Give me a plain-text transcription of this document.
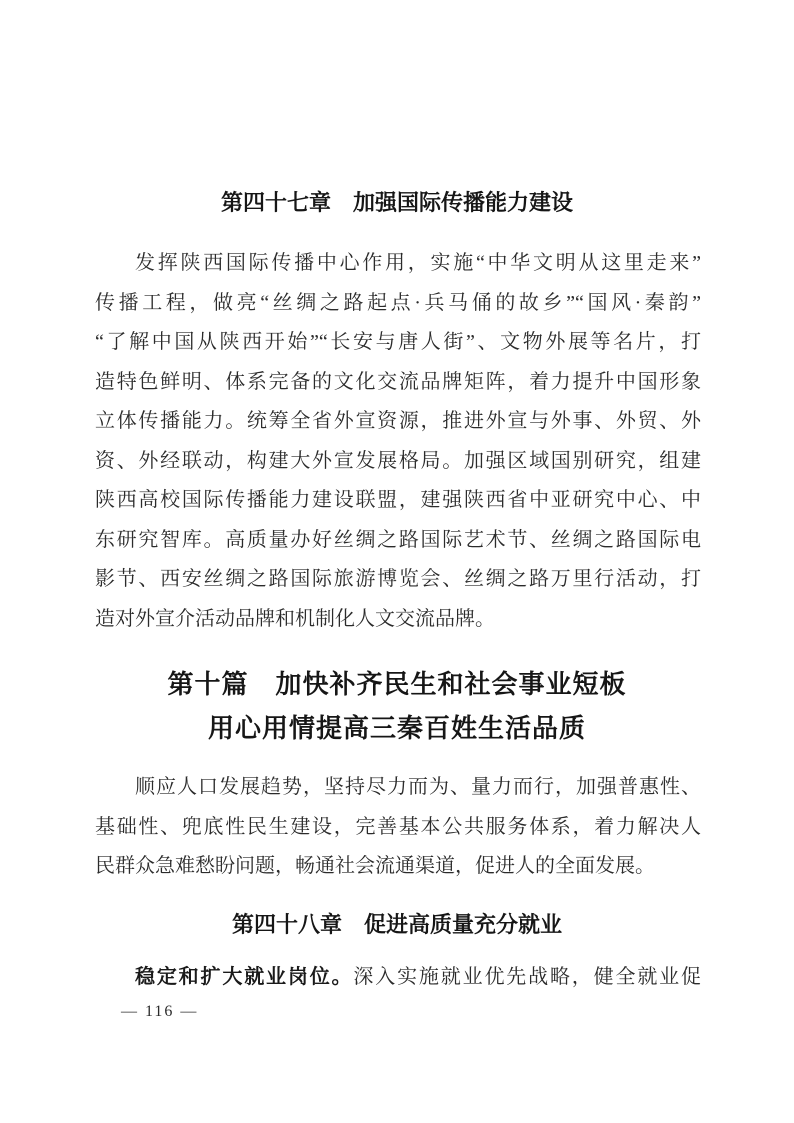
第四十七章　加强国际传播能力建设
发挥陕西国际传播中心作用，实施“中华文明从这里走来”
传播工程，做亮“丝绸之路起点·兵马俑的故乡”“国风·秦韵”
“了解中国从陕西开始”“长安与唐人街”、文物外展等名片，打
造特色鲜明、体系完备的文化交流品牌矩阵，着力提升中国形象
立体传播能力。统筹全省外宣资源，推进外宣与外事、外贸、外
资、外经联动，构建大外宣发展格局。加强区域国别研究，组建
陕西高校国际传播能力建设联盟，建强陕西省中亚研究中心、中
东研究智库。高质量办好丝绸之路国际艺术节、丝绸之路国际电
影节、西安丝绸之路国际旅游博览会、丝绸之路万里行活动，打
造对外宣介活动品牌和机制化人文交流品牌。
第十篇　加快补齐民生和社会事业短板
用心用情提高三秦百姓生活品质
顺应人口发展趋势，坚持尽力而为、量力而行，加强普惠性、
基础性、兜底性民生建设，完善基本公共服务体系，着力解决人
民群众急难愁盼问题，畅通社会流通渠道，促进人的全面发展。
第四十八章　促进高质量充分就业
稳定和扩大就业岗位。深入实施就业优先战略，健全就业促
— 116 —
